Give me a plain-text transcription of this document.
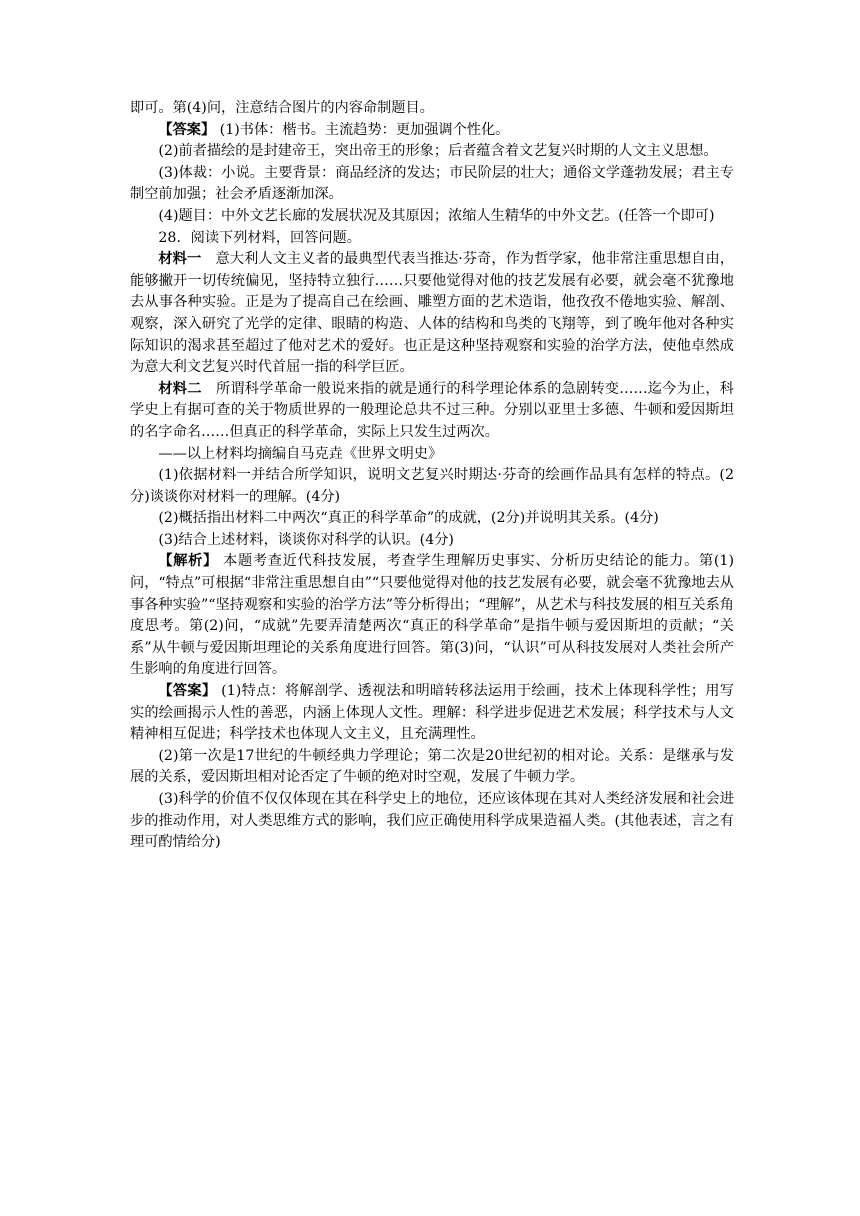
即可。第(4)问，注意结合图片的内容命制题目。

【答案】 (1)书体：楷书。主流趋势：更加强调个性化。

(2)前者描绘的是封建帝王，突出帝王的形象；后者蕴含着文艺复兴时期的人文主义思想。

(3)体裁：小说。主要背景：商品经济的发达；市民阶层的壮大；通俗文学蓬勃发展；君主专制空前加强；社会矛盾逐渐加深。

(4)题目：中外文艺长廊的发展状况及其原因；浓缩人生精华的中外文艺。(任答一个即可)

28．阅读下列材料，回答问题。

材料一　意大利人文主义者的最典型代表当推达·芬奇，作为哲学家，他非常注重思想自由，能够撇开一切传统偏见，坚持特立独行……只要他觉得对他的技艺发展有必要，就会毫不犹豫地去从事各种实验。正是为了提高自己在绘画、雕塑方面的艺术造诣，他孜孜不倦地实验、解剖、观察，深入研究了光学的定律、眼睛的构造、人体的结构和鸟类的飞翔等，到了晚年他对各种实际知识的渴求甚至超过了他对艺术的爱好。也正是这种坚持观察和实验的治学方法，使他卓然成为意大利文艺复兴时代首屈一指的科学巨匠。

材料二　所谓科学革命一般说来指的就是通行的科学理论体系的急剧转变……迄今为止，科学史上有据可查的关于物质世界的一般理论总共不过三种。分别以亚里士多德、牛顿和爱因斯坦的名字命名……但真正的科学革命，实际上只发生过两次。

——以上材料均摘编自马克垚《世界文明史》

(1)依据材料一并结合所学知识，说明文艺复兴时期达·芬奇的绘画作品具有怎样的特点。(2分)谈谈你对材料一的理解。(4分)

(2)概括指出材料二中两次“真正的科学革命”的成就，(2分)并说明其关系。(4分)

(3)结合上述材料，谈谈你对科学的认识。(4分)

【解析】 本题考查近代科技发展，考查学生理解历史事实、分析历史结论的能力。第(1)问，“特点”可根据“非常注重思想自由”“只要他觉得对他的技艺发展有必要，就会毫不犹豫地去从事各种实验”“坚持观察和实验的治学方法”等分析得出；“理解”，从艺术与科技发展的相互关系角度思考。第(2)问，“成就”先要弄清楚两次“真正的科学革命”是指牛顿与爱因斯坦的贡献；“关系”从牛顿与爱因斯坦理论的关系角度进行回答。第(3)问，“认识”可从科技发展对人类社会所产生影响的角度进行回答。

【答案】 (1)特点：将解剖学、透视法和明暗转移法运用于绘画，技术上体现科学性；用写实的绘画揭示人性的善恶，内涵上体现人文性。理解：科学进步促进艺术发展；科学技术与人文精神相互促进；科学技术也体现人文主义，且充满理性。

(2)第一次是17世纪的牛顿经典力学理论；第二次是20世纪初的相对论。关系：是继承与发展的关系，爱因斯坦相对论否定了牛顿的绝对时空观，发展了牛顿力学。

(3)科学的价值不仅仅体现在其在科学史上的地位，还应该体现在其对人类经济发展和社会进步的推动作用，对人类思维方式的影响，我们应正确使用科学成果造福人类。(其他表述，言之有理可酌情给分)
